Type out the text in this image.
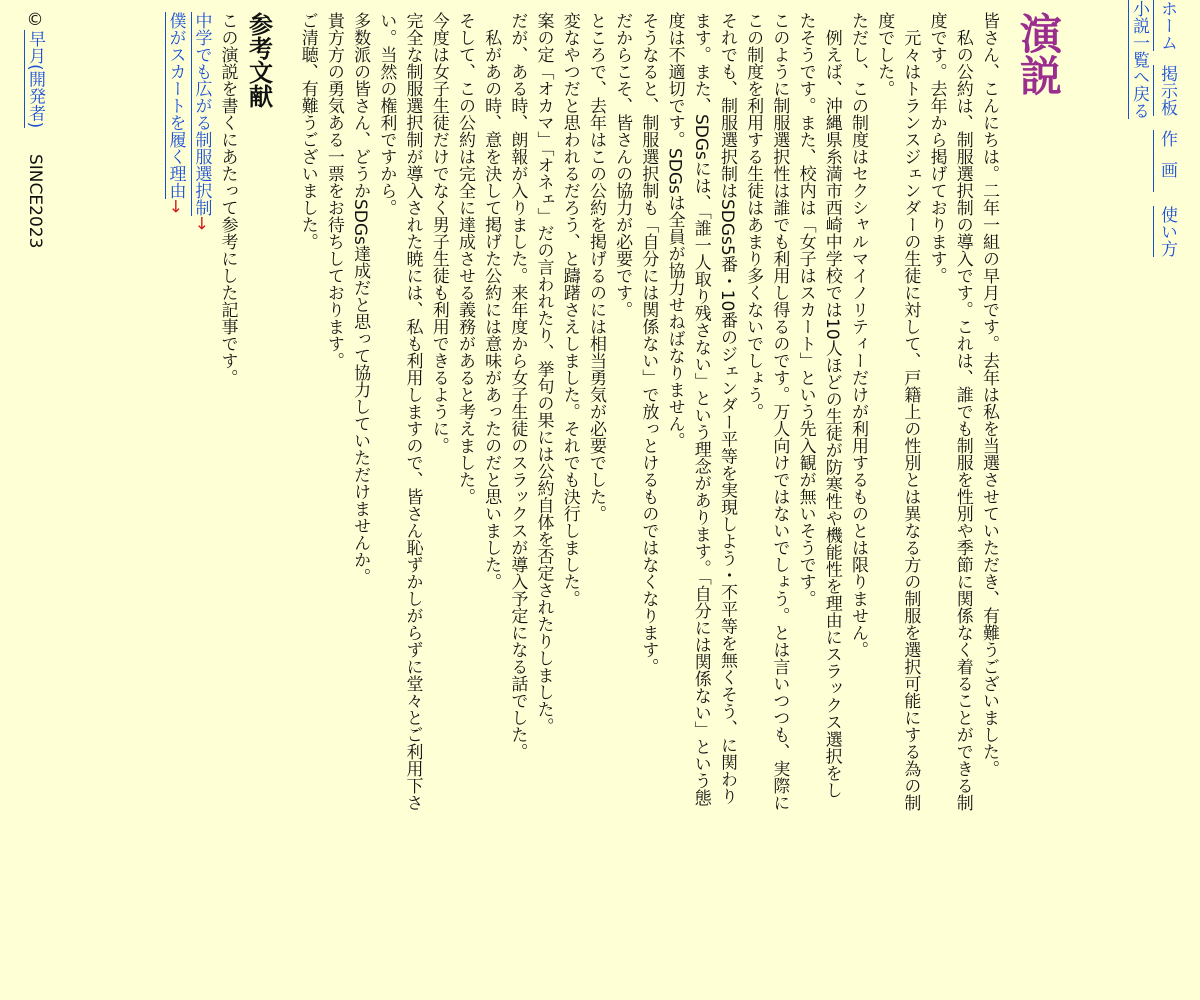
ホーム掲示板作画使い方
小説一覧へ戻る
演説

皆さん、こんにちは。二年一組の早月です。去年は私を当選させていただき、有難うございました。

私の公約は、制服選択制の導入です。これは、誰でも制服を性別や季節に関係なく着ることができる制度です。去年から掲げております。

元々はトランスジェンダーの生徒に対して、戸籍上の性別とは異なる方の制服を選択可能にする為の制度でした。

ただし、この制度はセクシャルマイノリティーだけが利用するものとは限りません。

例えば、沖縄県糸満市西崎中学校では10人ほどの生徒が防寒性や機能性を理由にスラックス選択をしたそうです。また、校内は「女子はスカート」という先入観が無いそうです。

このように制服選択性は誰でも利用し得るのです。万人向けではないでしょう。とは言いつつも、実際にこの制度を利用する生徒はあまり多くないでしょう。

それでも、制服選択制はSDGs5番・10番のジェンダー平等を実現しよう・不平等を無くそう、に関わります。また、SDGsには、「誰一人取り残さない」という理念があります。「自分には関係ない」という態度は不適切です。SDGsは全員が協力せねばなりません。

そうなると、制服選択制も「自分には関係ない」で放っとけるものではなくなります。

だからこそ、皆さんの協力が必要です。

ところで、去年はこの公約を掲げるのには相当勇気が必要でした。

変なやつだと思われるだろう、と躊躇さえしました。それでも決行しました。

案の定「オカマ」「オネェ」だの言われたり、挙句の果には公約自体を否定されたりしました。

だが、ある時、朗報が入りました。来年度から女子生徒のスラックスが導入予定になる話でした。

私があの時、意を決して掲げた公約には意味があったのだと思いました。

そして、この公約は完全に達成させる義務があると考えました。

今度は女子生徒だけでなく男子生徒も利用できるように。

完全な制服選択制が導入された暁には、私も利用しますので、皆さん恥ずかしがらずに堂々とご利用下さい。当然の権利ですから。

多数派の皆さん、どうかSDGs達成だと思って協力していただけませんか。

貴方方の勇気ある一票をお待ちしております。

ご清聴、有難うございました。

参考文献

この演説を書くにあたって参考にした記事です。

中学でも広がる制服選択制→

僕がスカートを履く理由→

©早月(開発者)SINCE2023
